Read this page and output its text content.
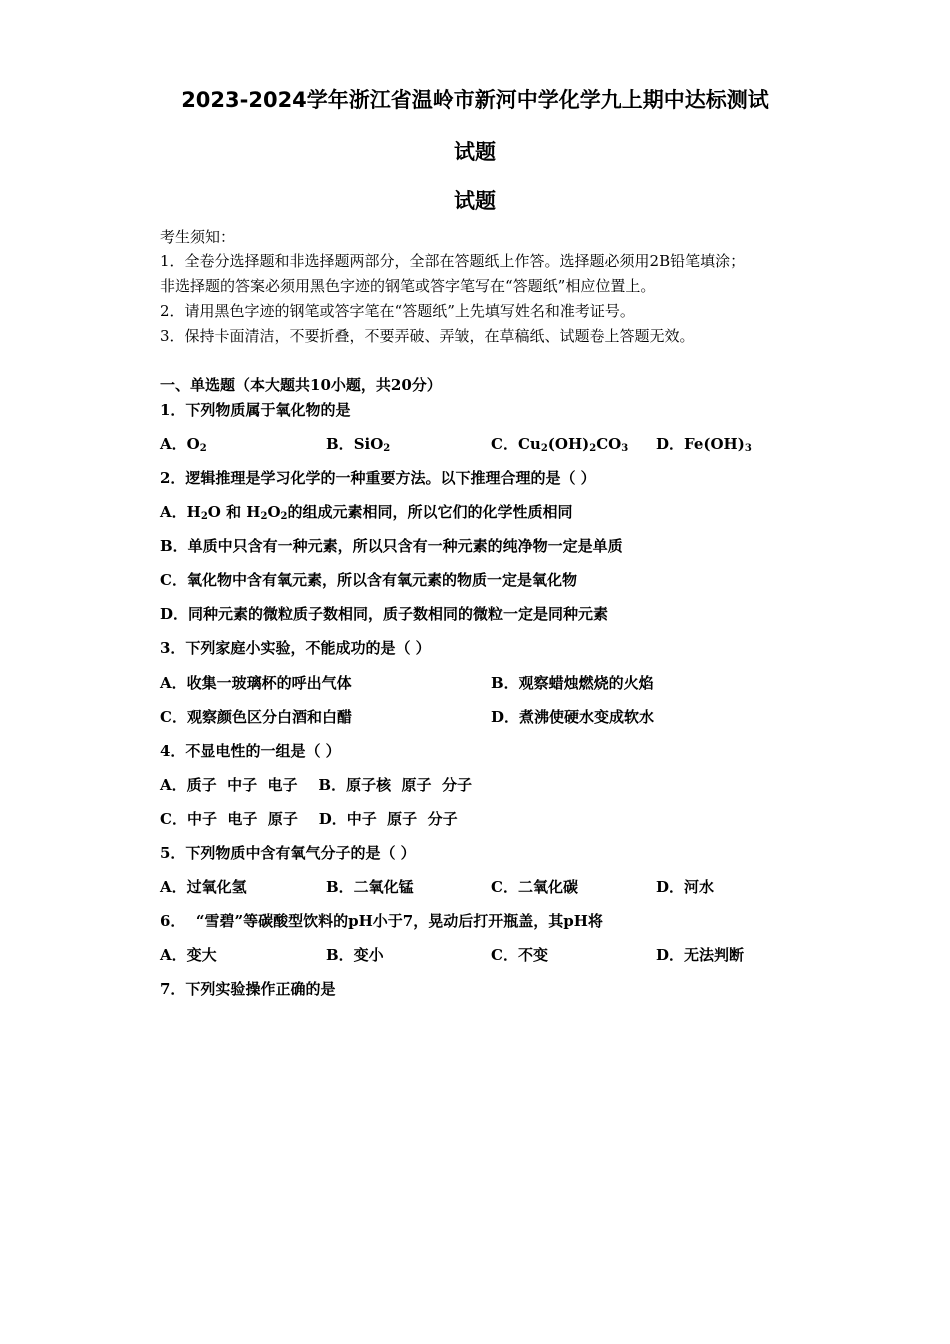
2023-2024学年浙江省温岭市新河中学化学九上期中达标测试
试题
试题
考生须知：
1．全卷分选择题和非选择题两部分，全部在答题纸上作答。选择题必须用2B铅笔填涂；
非选择题的答案必须用黑色字迹的钢笔或答字笔写在“答题纸”相应位置上。
2．请用黑色字迹的钢笔或答字笔在“答题纸”上先填写姓名和准考证号。
3．保持卡面清洁，不要折叠，不要弄破、弄皱，在草稿纸、试题卷上答题无效。
一、单选题（本大题共10小题，共20分）
1．下列物质属于氧化物的是
A．$O_2$	B．SiO$_2$	C．$Cu_2(OH)_2CO_3$ D．$Fe(OH)_3$
2．逻辑推理是学习化学的一种重要方法。以下推理合理的是（ ）
A．$H_2O$ 和 $H_2O_2$的组成元素相同，所以它们的化学性质相同
B．单质中只含有一种元素，所以只含有一种元素的纯净物一定是单质
C．氧化物中含有氧元素，所以含有氧元素的物质一定是氧化物
D．同种元素的微粒质子数相同，质子数相同的微粒一定是同种元素
3．下列家庭小实验，不能成功的是（ ）
A．收集一玻璃杯的呼出气体	B．观察蜡烛燃烧的火焰
C．观察颜色区分白酒和白醋	D．煮沸使硬水变成软水
4．不显电性的一组是（ ）
A．质子  中子  电子    B．原子核  原子  分子
C．中子  电子  原子    D．中子  原子  分子
5．下列物质中含有氧气分子的是（ ）
A．过氧化氢	B．二氧化锰	C．二氧化碳	D．河水
6．  “雪碧”等碳酸型饮料的pH小于7，晃动后打开瓶盖，其pH将
A．变大	B．变小	C．不变	D．无法判断
7．下列实验操作正确的是
